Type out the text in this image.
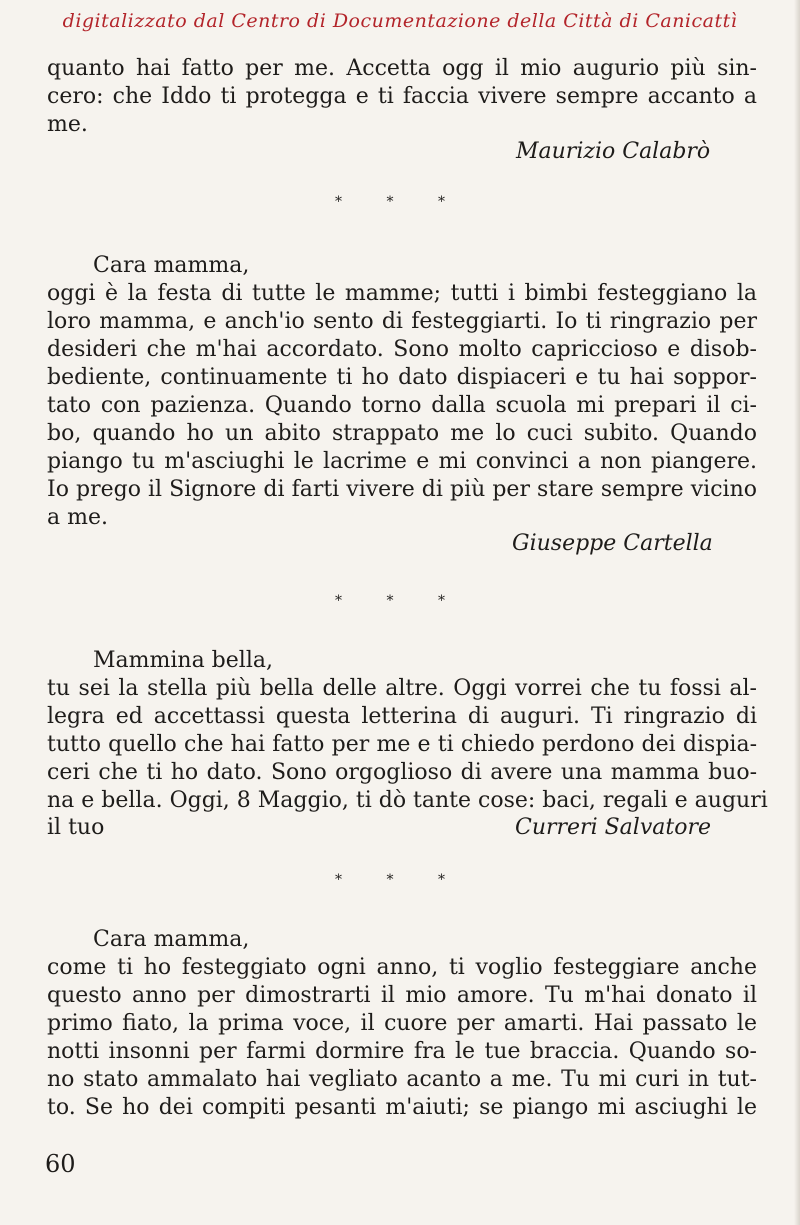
digitalizzato dal Centro di Documentazione della Città di Canicattì
quanto hai fatto per me. Accetta ogg il mio augurio più sin-
cero: che Iddo ti protegga e ti faccia vivere sempre accanto a
me.
Maurizio Calabrò
* * *
Cara mamma,
oggi è la festa di tutte le mamme; tutti i bimbi festeggiano la
loro mamma, e anch'io sento di festeggiarti. Io ti ringrazio per
desideri che m'hai accordato. Sono molto capriccioso e disob-
bediente, continuamente ti ho dato dispiaceri e tu hai soppor-
tato con pazienza. Quando torno dalla scuola mi prepari il ci-
bo, quando ho un abito strappato me lo cuci subito. Quando
piango tu m'asciughi le lacrime e mi convinci a non piangere.
Io prego il Signore di farti vivere di più per stare sempre vicino
a me.
Giuseppe Cartella
* * *
Mammina bella,
tu sei la stella più bella delle altre. Oggi vorrei che tu fossi al-
legra ed accettassi questa letterina di auguri. Ti ringrazio di
tutto quello che hai fatto per me e ti chiedo perdono dei dispia-
ceri che ti ho dato. Sono orgoglioso di avere una mamma buo-
na e bella. Oggi, 8 Maggio, ti dò tante cose: baci, regali e auguri
il tuo	Curreri Salvatore
* * *
Cara mamma,
come ti ho festeggiato ogni anno, ti voglio festeggiare anche
questo anno per dimostrarti il mio amore. Tu m'hai donato il
primo fiato, la prima voce, il cuore per amarti. Hai passato le
notti insonni per farmi dormire fra le tue braccia. Quando so-
no stato ammalato hai vegliato acanto a me. Tu mi curi in tut-
to. Se ho dei compiti pesanti m'aiuti; se piango mi asciughi le
60
